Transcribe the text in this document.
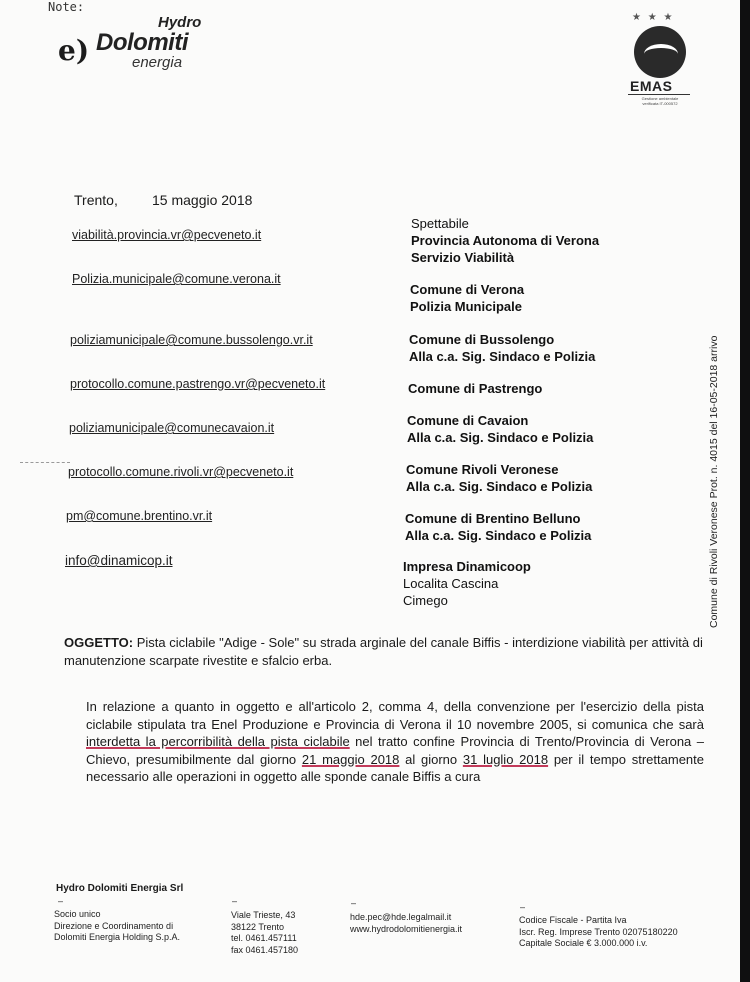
Note:
e)
Hydro
Dolomiti
energia
★ ★ ★
EMAS
Gestione ambientale verificata IT-000572
Comune di Rivoli Veronese Prot. n. 4015 del 16-05-2018 arrivo
Trento, 15 maggio 2018
viabilità.provincia.vr@pecveneto.it
Polizia.municipale@comune.verona.it
poliziamunicipale@comune.bussolengo.vr.it
protocollo.comune.pastrengo.vr@pecveneto.it
poliziamunicipale@comunecavaion.it
protocollo.comune.rivoli.vr@pecveneto.it
pm@comune.brentino.vr.it
info@dinamicop.it
Spettabile
Provincia Autonoma di Verona
Servizio Viabilità
Comune di Verona
Polizia Municipale
Comune di Bussolengo
Alla c.a. Sig. Sindaco e Polizia
Comune di Pastrengo
Comune di Cavaion
Alla c.a. Sig. Sindaco e Polizia
Comune Rivoli Veronese
Alla c.a. Sig. Sindaco e Polizia
Comune di Brentino Belluno
Alla c.a. Sig. Sindaco e Polizia
Impresa Dinamicoop
Localita Cascina
Cimego
OGGETTO: Pista ciclabile "Adige - Sole" su strada arginale del canale Biffis - interdizione viabilità per attività di manutenzione scarpate rivestite e sfalcio erba.
In relazione a quanto in oggetto e all'articolo 2, comma 4, della convenzione per l'esercizio della pista ciclabile stipulata tra Enel Produzione e Provincia di Verona il 10 novembre 2005, si comunica che sarà interdetta la percorribilità della pista ciclabile nel tratto confine Provincia di Trento/Provincia di Verona – Chievo, presumibilmente dal giorno 21 maggio 2018 al giorno 31 luglio 2018 per il tempo strettamente necessario alle operazioni in oggetto alle sponde canale Biffis a cura
Hydro Dolomiti Energia Srl
–
Socio unico
Direzione e Coordinamento di
Dolomiti Energia Holding S.p.A.
–
Viale Trieste, 43
38122 Trento
tel. 0461.457111
fax 0461.457180
–
hde.pec@hde.legalmail.it
www.hydrodolomitienergia.it
–
Codice Fiscale - Partita Iva
Iscr. Reg. Imprese Trento 02075180220
Capitale Sociale € 3.000.000 i.v.
